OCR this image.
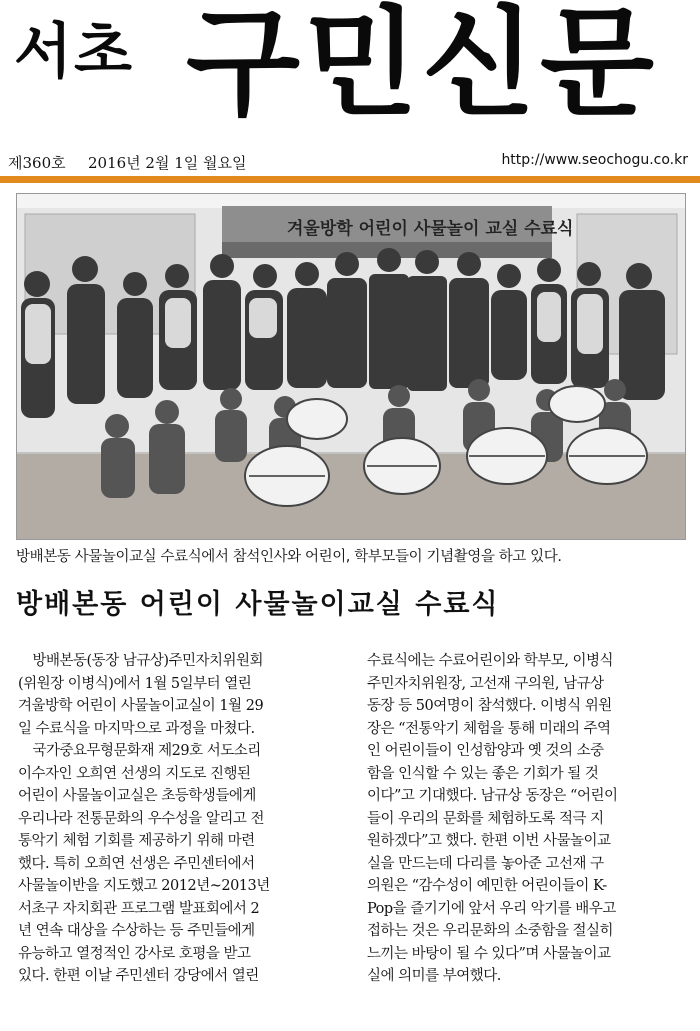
서초 구민신문
제360호 2016년 2월 1일 월요일	http://www.seochogu.co.kr
겨울방학 어린이 사물놀이 교실 수료식
방배본동 사물놀이교실 수료식에서 참석인사와 어린이, 학부모들이 기념촬영을 하고 있다.
방배본동 어린이 사물놀이교실 수료식
방배본동(동장 남규상)주민자치위원회
(위원장 이병식)에서 1월 5일부터 열린
겨울방학 어린이 사물놀이교실이 1월 29
일 수료식을 마지막으로 과정을 마쳤다.
국가중요무형문화재 제29호 서도소리
이수자인 오희연 선생의 지도로 진행된
어린이 사물놀이교실은 초등학생들에게
우리나라 전통문화의 우수성을 알리고 전
통악기 체험 기회를 제공하기 위해 마련
했다. 특히 오희연 선생은 주민센터에서
사물놀이반을 지도했고 2012년~2013년
서초구 자치회관 프로그램 발표회에서 2
년 연속 대상을 수상하는 등 주민들에게
유능하고 열정적인 강사로 호평을 받고
있다. 한편 이날 주민센터 강당에서 열린
수료식에는 수료어린이와 학부모, 이병식
주민자치위원장, 고선재 구의원, 남규상
동장 등 50여명이 참석했다. 이병식 위원
장은 “전통악기 체험을 통해 미래의 주역
인 어린이들이 인성함양과 옛 것의 소중
함을 인식할 수 있는 좋은 기회가 될 것
이다”고 기대했다. 남규상 동장은 “어린이
들이 우리의 문화를 체험하도록 적극 지
원하겠다”고 했다. 한편 이번 사물놀이교
실을 만드는데 다리를 놓아준 고선재 구
의원은 “감수성이 예민한 어린이들이 K-
Pop을 즐기기에 앞서 우리 악기를 배우고
접하는 것은 우리문화의 소중함을 절실히
느끼는 바탕이 될 수 있다”며 사물놀이교
실에 의미를 부여했다.
